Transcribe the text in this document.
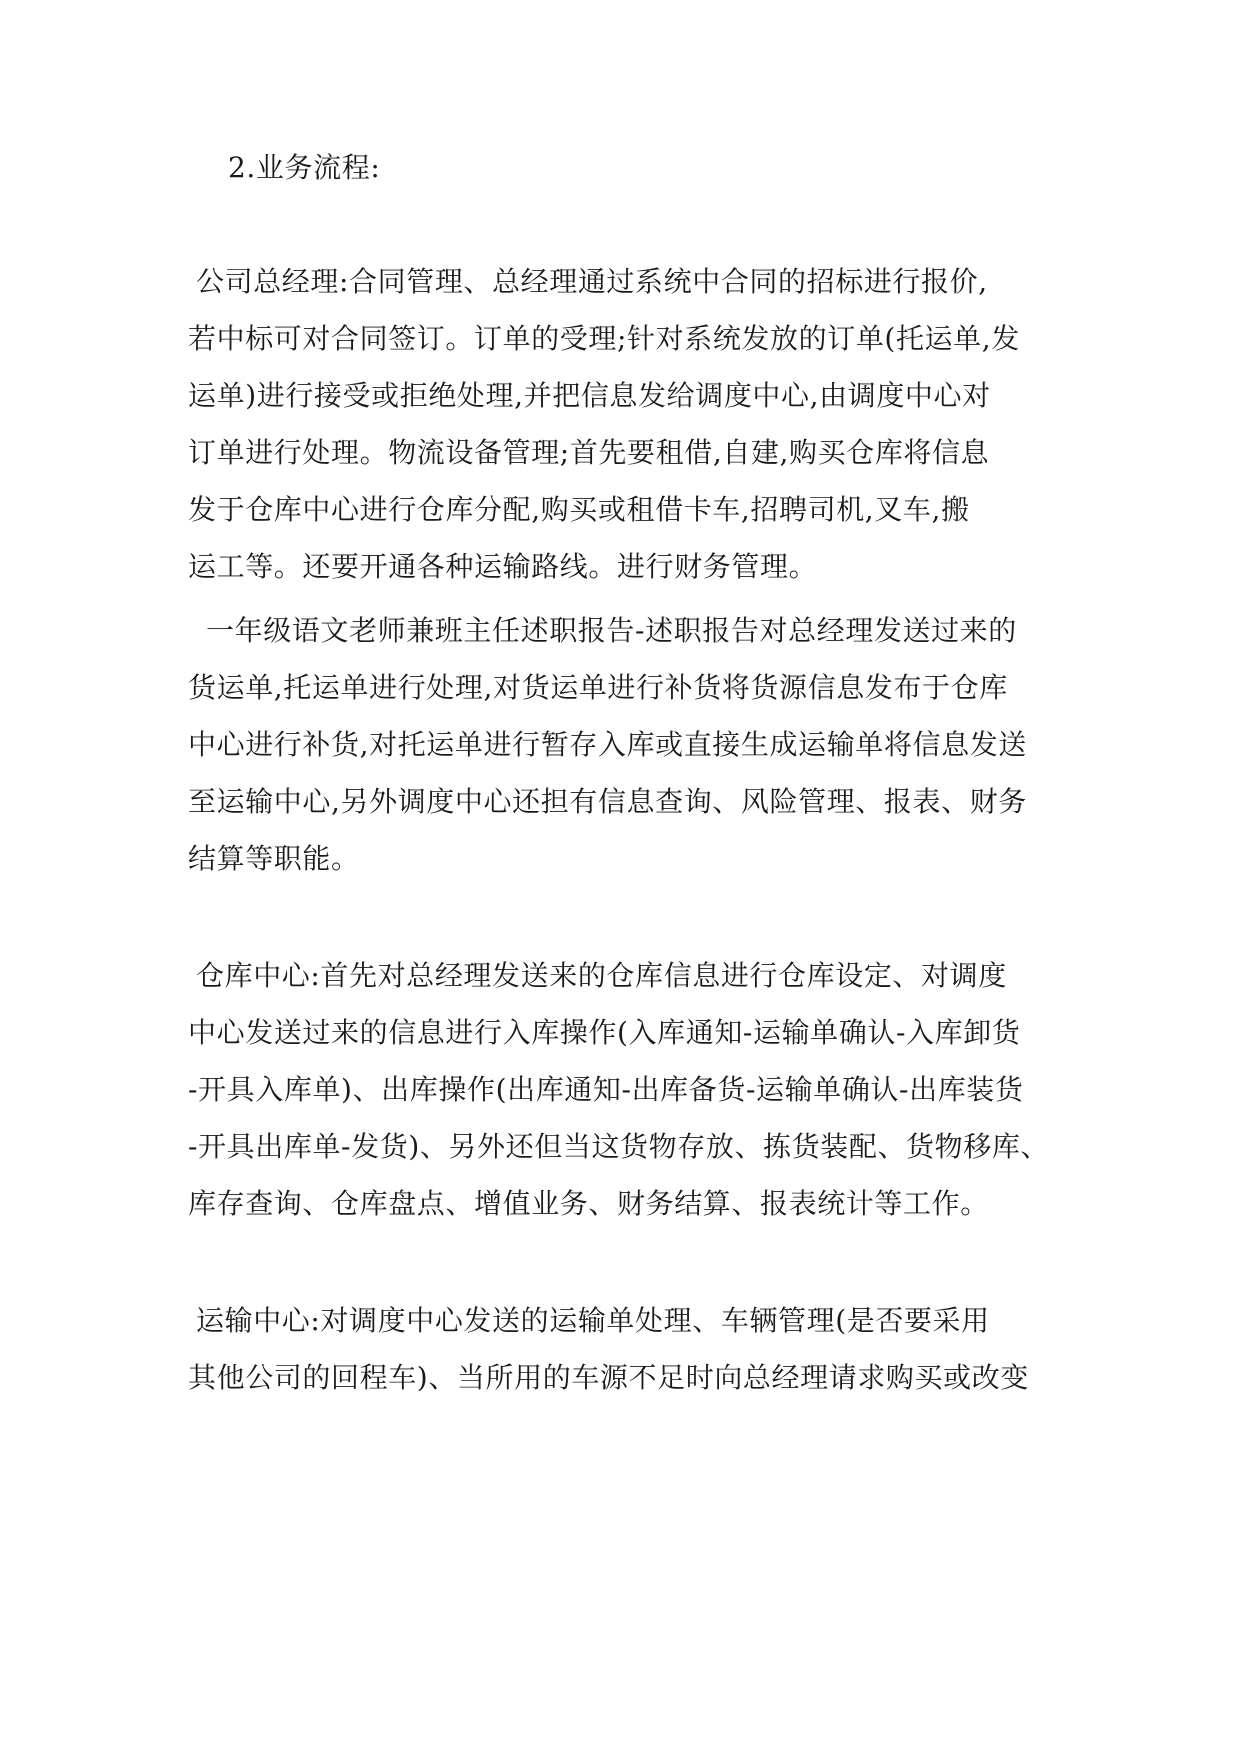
2.业务流程:

公司总经理:合同管理、总经理通过系统中合同的招标进行报价,

若中标可对合同签订。订单的受理;针对系统发放的订单(托运单,发

运单)进行接受或拒绝处理,并把信息发给调度中心,由调度中心对

订单进行处理。物流设备管理;首先要租借,自建,购买仓库将信息

发于仓库中心进行仓库分配,购买或租借卡车,招聘司机,叉车,搬

运工等。还要开通各种运输路线。进行财务管理。

一年级语文老师兼班主任述职报告-述职报告对总经理发送过来的

货运单,托运单进行处理,对货运单进行补货将货源信息发布于仓库

中心进行补货,对托运单进行暂存入库或直接生成运输单将信息发送

至运输中心,另外调度中心还担有信息查询、风险管理、报表、财务

结算等职能。

仓库中心:首先对总经理发送来的仓库信息进行仓库设定、对调度

中心发送过来的信息进行入库操作(入库通知-运输单确认-入库卸货

-开具入库单)、出库操作(出库通知-出库备货-运输单确认-出库装货

-开具出库单-发货)、另外还但当这货物存放、拣货装配、货物移库、

库存查询、仓库盘点、增值业务、财务结算、报表统计等工作。

运输中心:对调度中心发送的运输单处理、车辆管理(是否要采用

其他公司的回程车)、当所用的车源不足时向总经理请求购买或改变
